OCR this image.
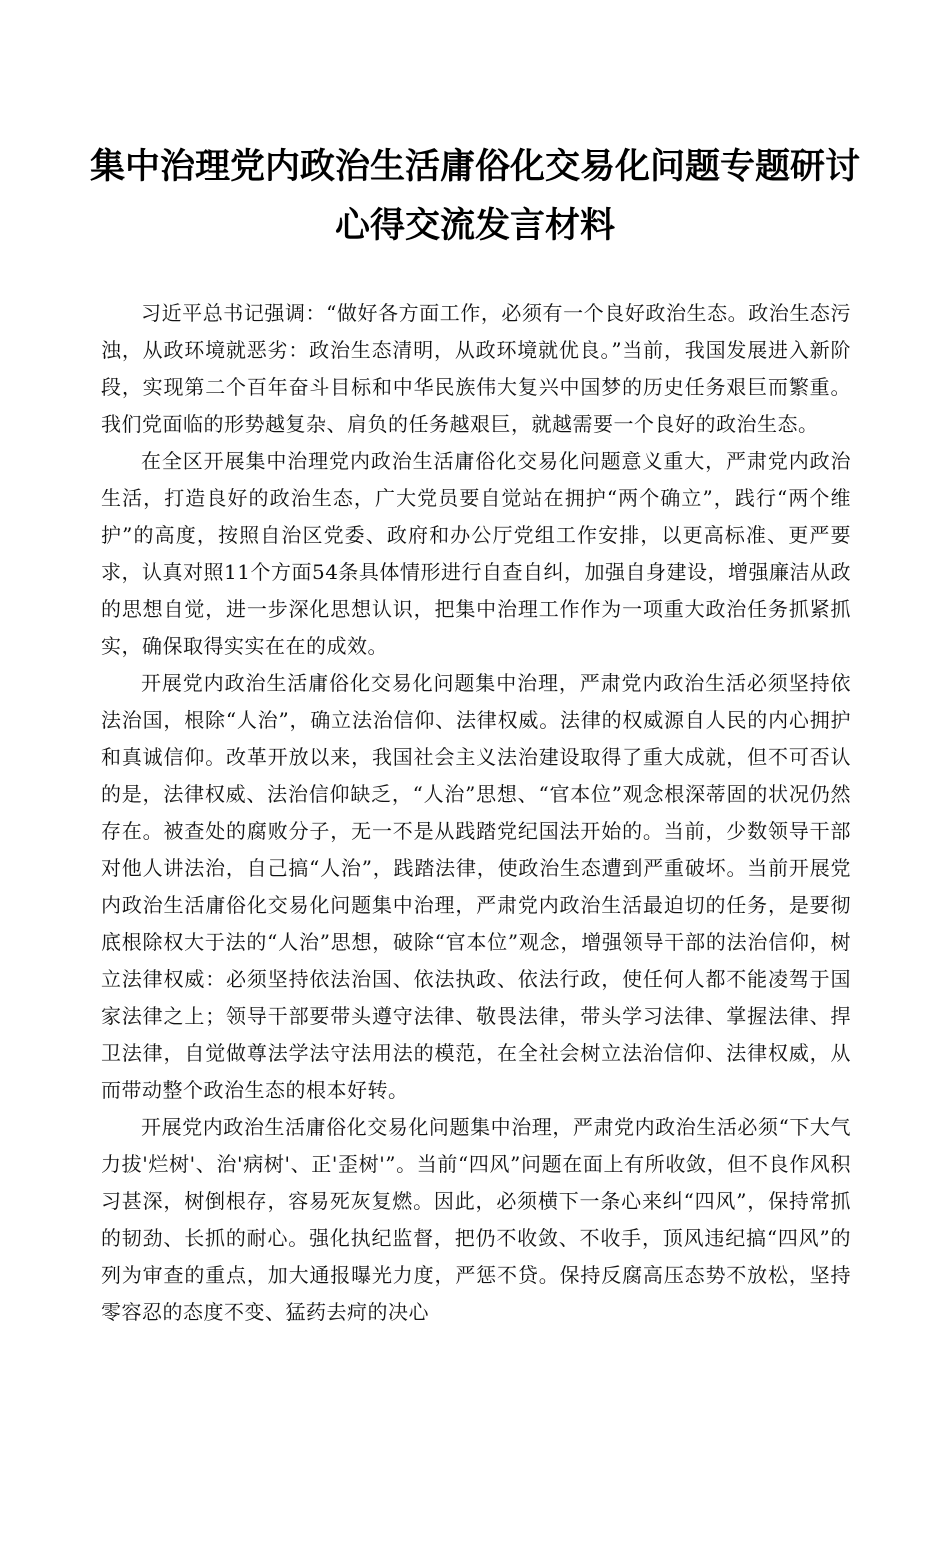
集中治理党内政治生活庸俗化交易化问题专题研讨
心得交流发言材料

习近平总书记强调：“做好各方面工作，必须有一个良好政治生态。政治生态污浊，从政环境就恶劣：政治生态清明，从政环境就优良。”当前，我国发展进入新阶段，实现第二个百年奋斗目标和中华民族伟大复兴中国梦的历史任务艰巨而繁重。我们党面临的形势越复杂、肩负的任务越艰巨，就越需要一个良好的政治生态。

在全区开展集中治理党内政治生活庸俗化交易化问题意义重大，严肃党内政治生活，打造良好的政治生态，广大党员要自觉站在拥护“两个确立”，践行“两个维护”的高度，按照自治区党委、政府和办公厅党组工作安排，以更高标准、更严要求，认真对照11个方面54条具体情形进行自查自纠，加强自身建设，增强廉洁从政的思想自觉，进一步深化思想认识，把集中治理工作作为一项重大政治任务抓紧抓实，确保取得实实在在的成效。

开展党内政治生活庸俗化交易化问题集中治理，严肃党内政治生活必须坚持依法治国，根除“人治”，确立法治信仰、法律权威。法律的权威源自人民的内心拥护和真诚信仰。改革开放以来，我国社会主义法治建设取得了重大成就，但不可否认的是，法律权威、法治信仰缺乏，“人治”思想、“官本位”观念根深蒂固的状况仍然存在。被查处的腐败分子，无一不是从践踏党纪国法开始的。当前，少数领导干部对他人讲法治，自己搞“人治”，践踏法律，使政治生态遭到严重破坏。当前开展党内政治生活庸俗化交易化问题集中治理，严肃党内政治生活最迫切的任务，是要彻底根除权大于法的“人治”思想，破除“官本位”观念，增强领导干部的法治信仰，树立法律权威：必须坚持依法治国、依法执政、依法行政，使任何人都不能凌驾于国家法律之上；领导干部要带头遵守法律、敬畏法律，带头学习法律、掌握法律、捍卫法律，自觉做尊法学法守法用法的模范，在全社会树立法治信仰、法律权威，从而带动整个政治生态的根本好转。

开展党内政治生活庸俗化交易化问题集中治理，严肃党内政治生活必须“下大气力拔'烂树'、治'病树'、正'歪树'”。当前“四风”问题在面上有所收敛，但不良作风积习甚深，树倒根存，容易死灰复燃。因此，必须横下一条心来纠“四风”，保持常抓的韧劲、长抓的耐心。强化执纪监督，把仍不收敛、不收手，顶风违纪搞“四风”的列为审查的重点，加大通报曝光力度，严惩不贷。保持反腐高压态势不放松，坚持零容忍的态度不变、猛药去疴的决心
